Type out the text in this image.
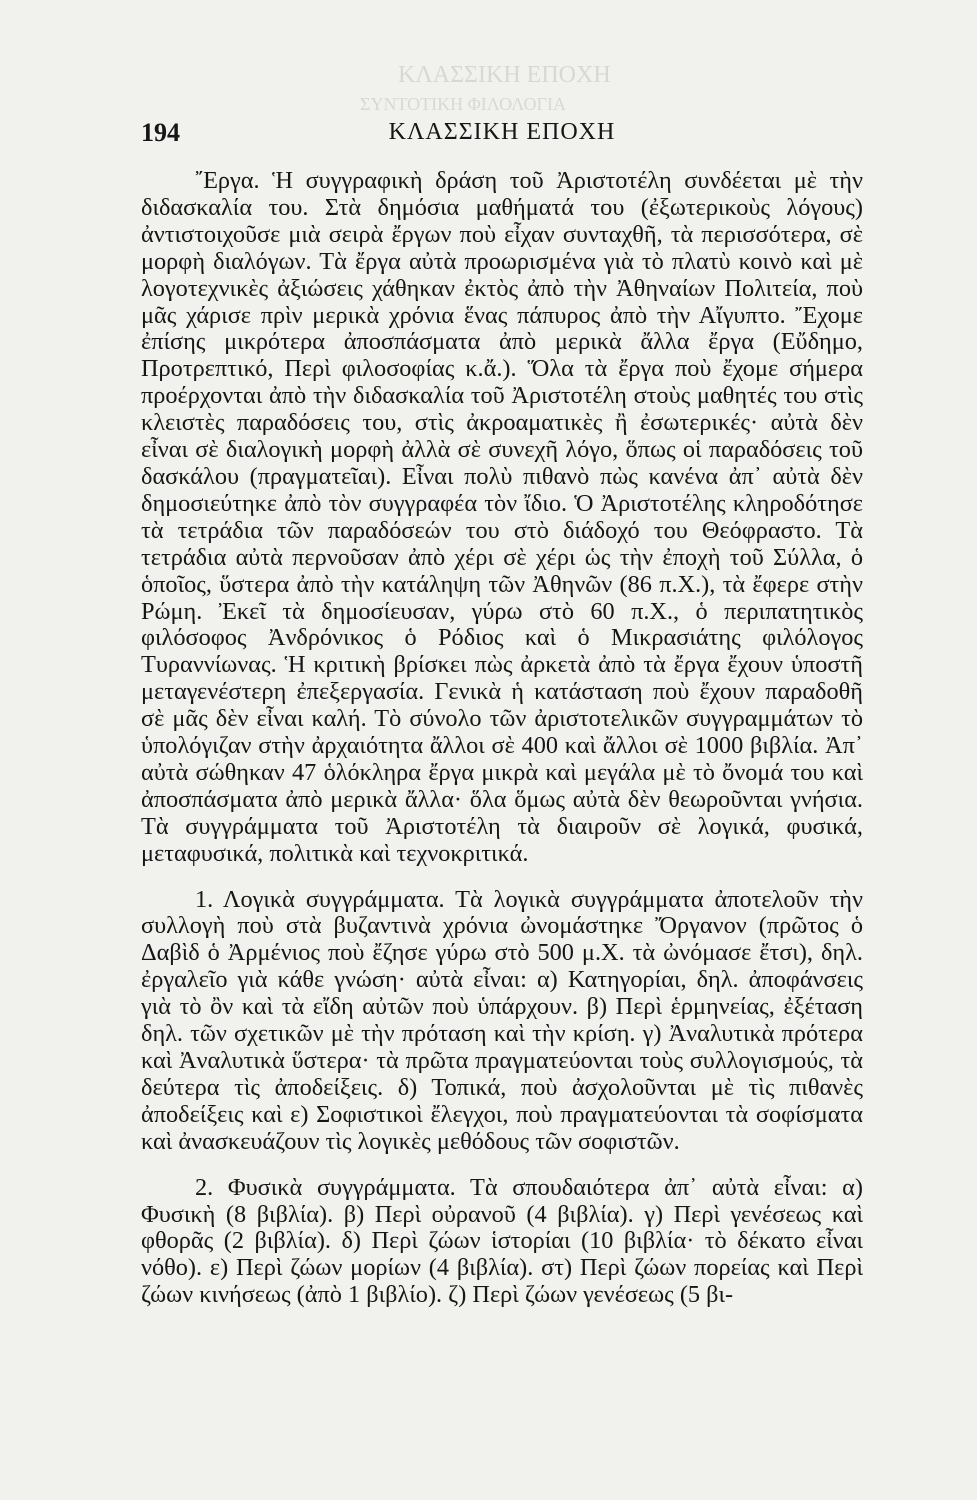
ΚΛΑΣΣΙΚΗ ΕΠΟΧΗ
ΣΥΝΤΟΤΙΚΗ ΦΙΛΟΛΟΓΙΑ
194	ΚΛΑΣΣΙΚΗ ΕΠΟΧΗ

῎Εργα. Ἡ συγγραφικὴ δράση τοῦ Ἀριστοτέλη συνδέεται μὲ τὴν διδασκαλία του. Στὰ δημόσια μαθήματά του (ἐξωτερικοὺς λόγους) ἀντιστοιχοῦσε μιὰ σειρὰ ἔργων ποὺ εἶχαν συνταχθῆ, τὰ περισσότερα, σὲ μορφὴ διαλόγων. Τὰ ἔργα αὐτὰ προωρισμένα γιὰ τὸ πλατὺ κοινὸ καὶ μὲ λογοτεχνικὲς ἀξιώσεις χάθηκαν ἐκτὸς ἀπὸ τὴν Ἀθηναίων Πολιτεία, ποὺ μᾶς χάρισε πρὶν μερικὰ χρόνια ἕνας πάπυρος ἀπὸ τὴν Αἴγυπτο. Ἔχομε ἐπίσης μικρότερα ἀποσπάσματα ἀπὸ μερικὰ ἄλλα ἔργα (Εὔδημο, Προτρεπτικό, Περὶ φιλοσοφίας κ.ἄ.). Ὅλα τὰ ἔργα ποὺ ἔχομε σήμερα προέρχονται ἀπὸ τὴν διδασκαλία τοῦ Ἀριστοτέλη στοὺς μαθητές του στὶς κλειστὲς παραδόσεις του, στὶς ἀκροαματικὲς ἢ ἐσωτερικές· αὐτὰ δὲν εἶναι σὲ διαλογικὴ μορφὴ ἀλλὰ σὲ συνεχῆ λόγο, ὅπως οἱ παραδόσεις τοῦ δασκάλου (πραγματεῖαι). Εἶναι πολὺ πιθανὸ πὼς κανένα ἀπ᾿ αὐτὰ δὲν δημοσιεύτηκε ἀπὸ τὸν συγγραφέα τὸν ἴδιο. Ὁ Ἀριστοτέλης κληροδότησε τὰ τετράδια τῶν παραδόσεών του στὸ διάδοχό του Θεόφραστο. Τὰ τετράδια αὐτὰ περνοῦσαν ἀπὸ χέρι σὲ χέρι ὡς τὴν ἐποχὴ τοῦ Σύλλα, ὁ ὁποῖος, ὕστερα ἀπὸ τὴν κατάληψη τῶν Ἀθηνῶν (86 π.Χ.), τὰ ἔφερε στὴν Ρώμη. Ἐκεῖ τὰ δημοσίευσαν, γύρω στὸ 60 π.Χ., ὁ περιπατητικὸς φιλόσοφος Ἀνδρόνικος ὁ Ρόδιος καὶ ὁ Μικρασιάτης φιλόλογος Τυραννίωνας. Ἡ κριτικὴ βρίσκει πὼς ἀρκετὰ ἀπὸ τὰ ἔργα ἔχουν ὑποστῆ μεταγενέστερη ἐπεξεργασία. Γενικὰ ἡ κατάσταση ποὺ ἔχουν παραδοθῆ σὲ μᾶς δὲν εἶναι καλή. Τὸ σύνολο τῶν ἀριστοτελικῶν συγγραμμάτων τὸ ὑπολόγιζαν στὴν ἀρχαιότητα ἄλλοι σὲ 400 καὶ ἄλλοι σὲ 1000 βιβλία. Ἀπ᾿ αὐτὰ σώθηκαν 47 ὁλόκληρα ἔργα μικρὰ καὶ μεγάλα μὲ τὸ ὄνομά του καὶ ἀποσπάσματα ἀπὸ μερικὰ ἄλλα· ὅλα ὅμως αὐτὰ δὲν θεωροῦνται γνήσια. Τὰ συγγράμματα τοῦ Ἀριστοτέλη τὰ διαιροῦν σὲ λογικά, φυσικά, μεταφυσικά, πολιτικὰ καὶ τεχνοκριτικά.

1. Λογικὰ συγγράμματα. Τὰ λογικὰ συγγράμματα ἀποτελοῦν τὴν συλλογὴ ποὺ στὰ βυζαντινὰ χρόνια ὠνομάστηκε Ὄργανον (πρῶτος ὁ Δαβὶδ ὁ Ἀρμένιος ποὺ ἔζησε γύρω στὸ 500 μ.Χ. τὰ ὠνόμασε ἔτσι), δηλ. ἐργαλεῖο γιὰ κάθε γνώση· αὐτὰ εἶναι: α) Κατηγορίαι, δηλ. ἀποφάνσεις γιὰ τὸ ὂν καὶ τὰ εἴδη αὐτῶν ποὺ ὑπάρχουν. β) Περὶ ἑρμηνείας, ἐξέταση δηλ. τῶν σχετικῶν μὲ τὴν πρόταση καὶ τὴν κρίση. γ) Ἀναλυτικὰ πρότερα καὶ Ἀναλυτικὰ ὕστερα· τὰ πρῶτα πραγματεύονται τοὺς συλλογισμούς, τὰ δεύτερα τὶς ἀποδείξεις. δ) Τοπικά, ποὺ ἀσχολοῦνται μὲ τὶς πιθανὲς ἀποδείξεις καὶ ε) Σοφιστικοὶ ἔλεγχοι, ποὺ πραγματεύονται τὰ σοφίσματα καὶ ἀνασκευάζουν τὶς λογικὲς μεθόδους τῶν σοφιστῶν.

2. Φυσικὰ συγγράμματα. Τὰ σπουδαιότερα ἀπ᾿ αὐτὰ εἶναι: α) Φυσικὴ (8 βιβλία). β) Περὶ οὐρανοῦ (4 βιβλία). γ) Περὶ γενέσεως καὶ φθορᾶς (2 βιβλία). δ) Περὶ ζώων ἱστορίαι (10 βιβλία· τὸ δέκατο εἶναι νόθο). ε) Περὶ ζώων μορίων (4 βιβλία). στ) Περὶ ζώων πορείας καὶ Περὶ ζώων κινήσεως (ἀπὸ 1 βιβλίο). ζ) Περὶ ζώων γενέσεως (5 βι-
